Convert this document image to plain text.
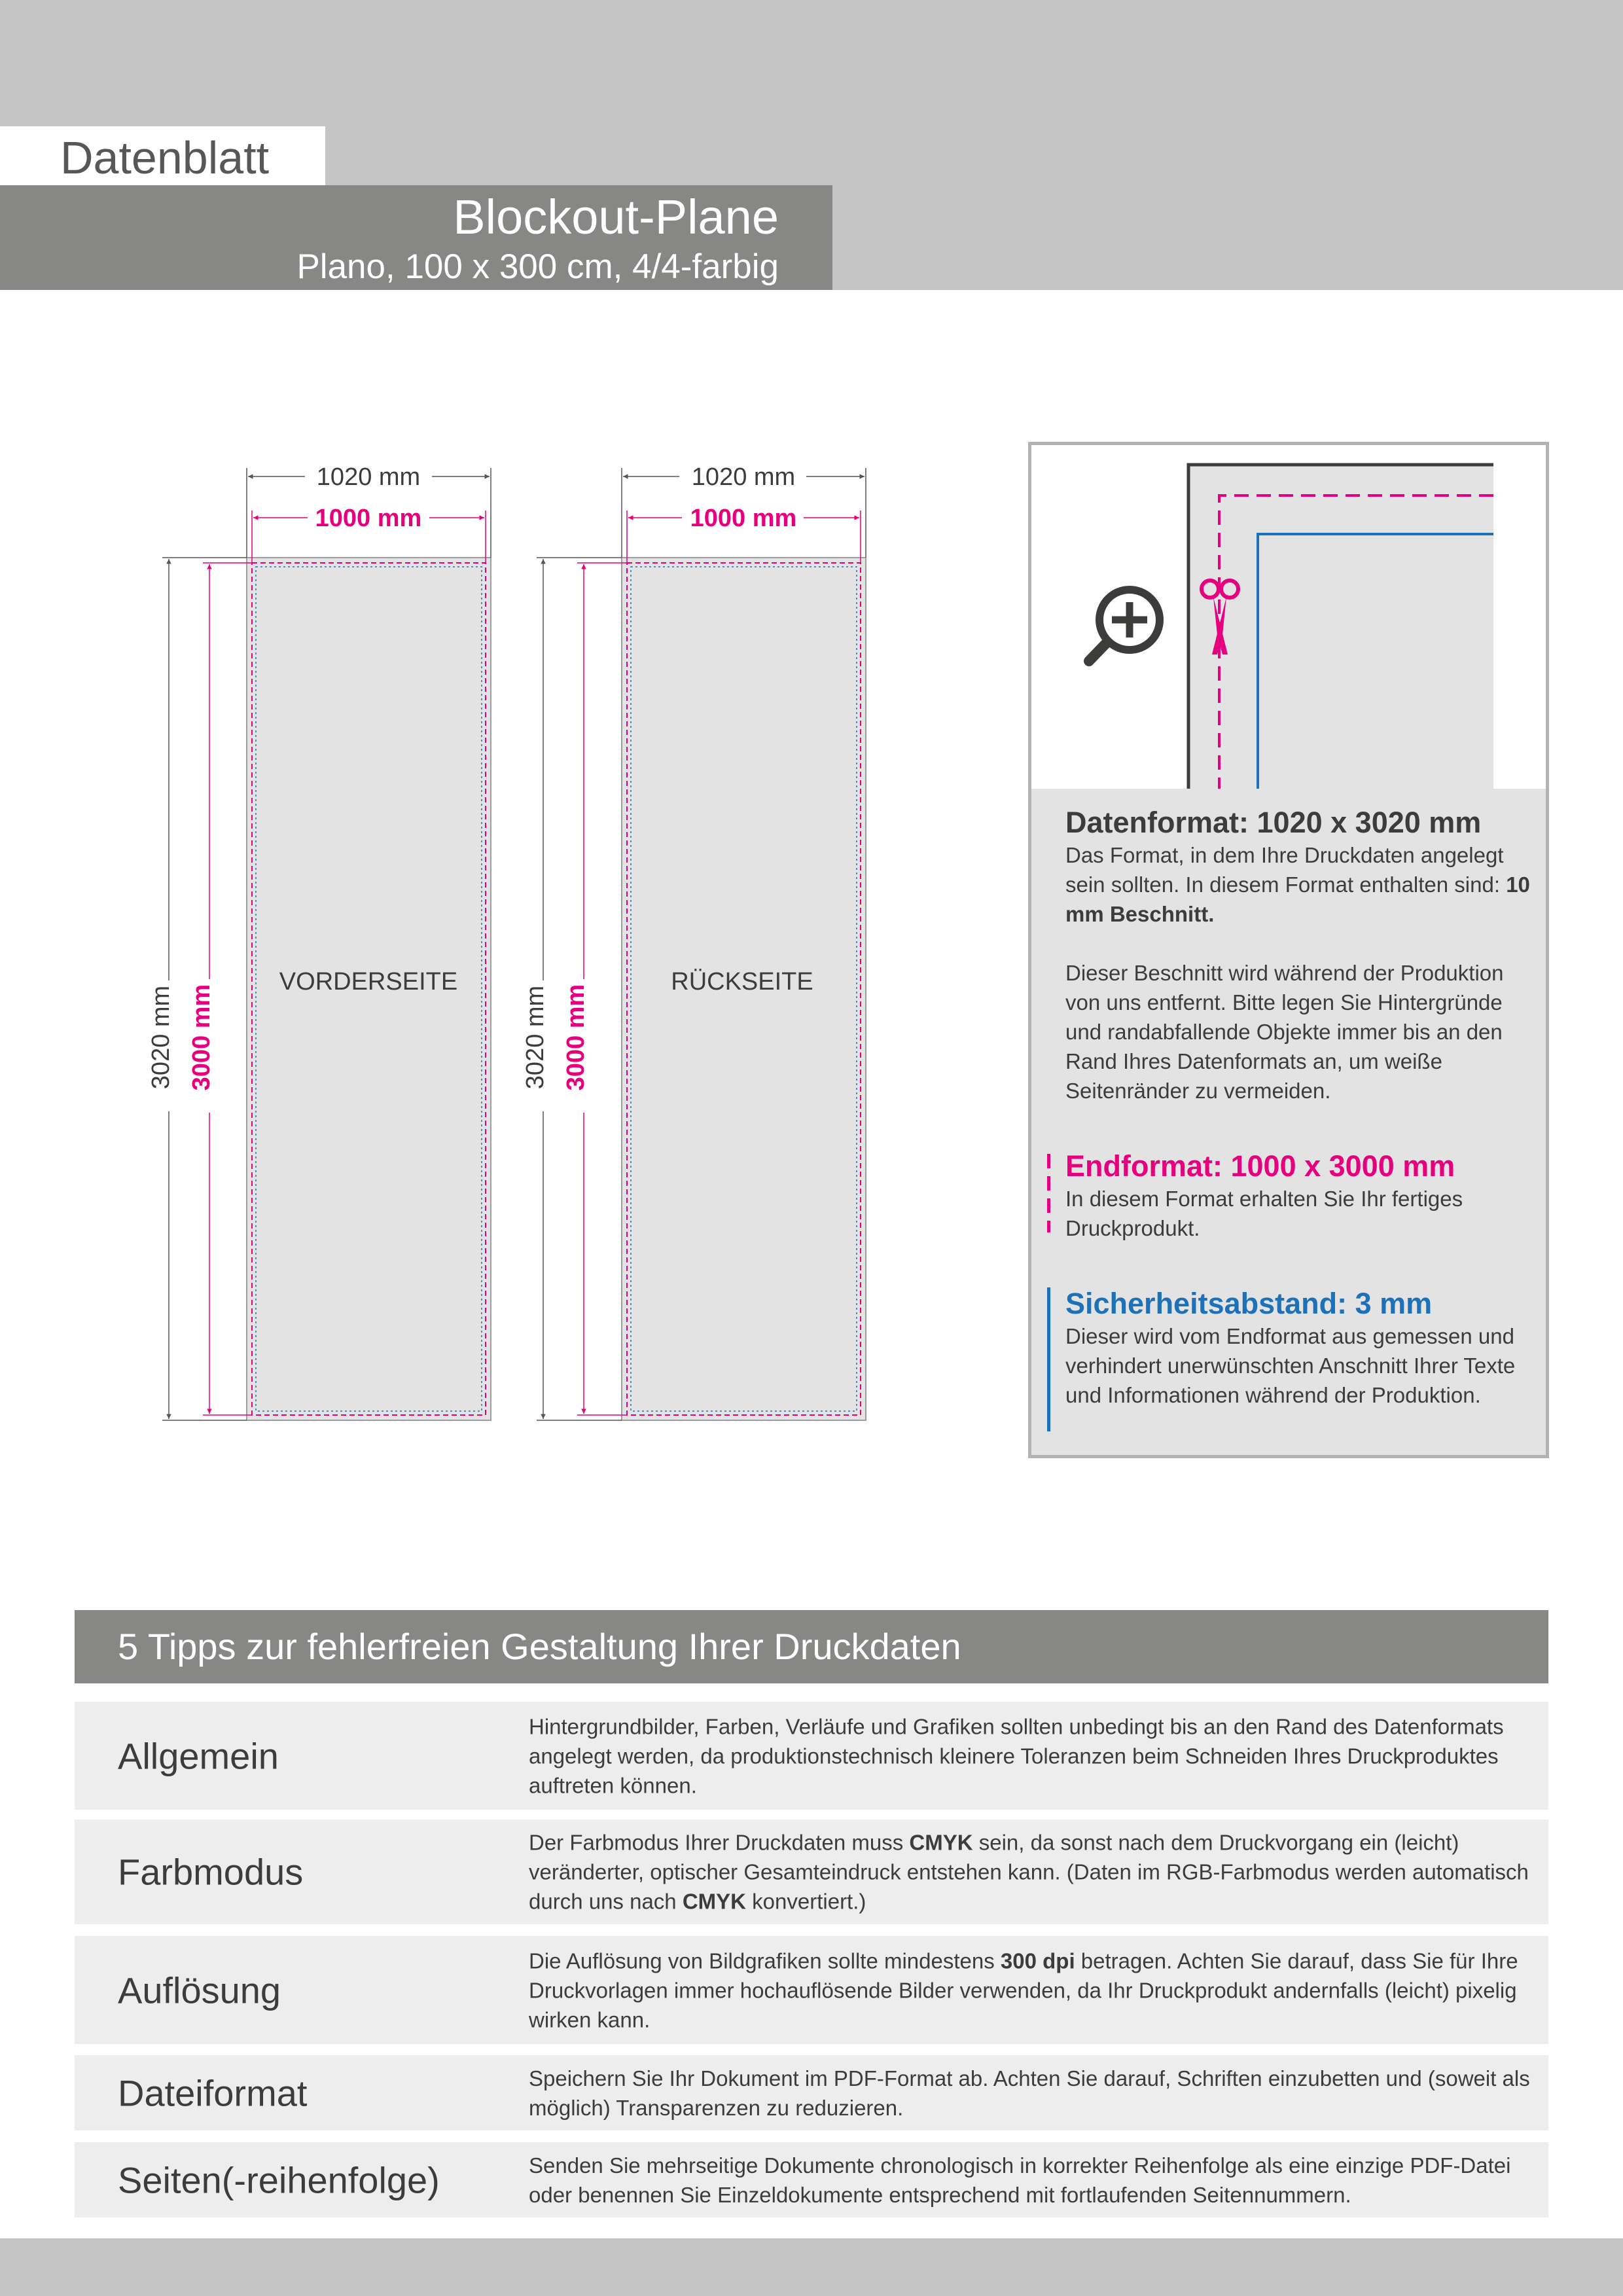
Datenblatt
Blockout-Plane
Plano, 100 x 300 cm, 4/4-farbig
VORDERSEITE
1020 mm
1000 mm
3020 mm 3000 mm
RÜCKSEITE
1020 mm
1000 mm
3020 mm 3000 mm
Datenformat: 1020 x 3020 mm

Das Format, in dem Ihre Druckdaten angelegt sein sollten. In diesem Format enthalten sind: 10 mm Beschnitt.

Dieser Beschnitt wird während der Produktion von uns entfernt. Bitte legen Sie Hintergründe und randabfallende Objekte immer bis an den Rand Ihres Datenformats an, um weiße Seitenränder zu vermeiden.

Endformat: 1000 x 3000 mm

In diesem Format erhalten Sie Ihr fertiges Druckprodukt.

Sicherheitsabstand: 3 mm

Dieser wird vom Endformat aus gemessen und verhindert unerwünschten Anschnitt Ihrer Texte und Informationen während der Produktion.

5 Tipps zur fehlerfreien Gestaltung Ihrer Druckdaten
Allgemein
Hintergrundbilder, Farben, Verläufe und Grafiken sollten unbedingt bis an den Rand des Datenformats angelegt werden, da produktionstechnisch kleinere Toleranzen beim Schneiden Ihres Druckproduktes auftreten können.
Farbmodus
Der Farbmodus Ihrer Druckdaten muss CMYK sein, da sonst nach dem Druckvorgang ein (leicht) veränderter, optischer Gesamteindruck entstehen kann. (Daten im RGB-Farbmodus werden automatisch durch uns nach CMYK konvertiert.)
Auflösung
Die Auflösung von Bildgrafiken sollte mindestens 300 dpi betragen. Achten Sie darauf, dass Sie für Ihre Druckvorlagen immer hochauflösende Bilder verwenden, da Ihr Druckprodukt andernfalls (leicht) pixelig wirken kann.
Dateiformat	Speichern Sie Ihr Dokument im PDF-Format ab. Achten Sie darauf, Schriften einzubetten und (soweit als möglich) Transparenzen zu reduzieren.
Seiten(-reihenfolge)	Senden Sie mehrseitige Dokumente chronologisch in korrekter Reihenfolge als eine einzige PDF-Datei oder benennen Sie Einzeldokumente entsprechend mit fortlaufenden Seitennummern.
